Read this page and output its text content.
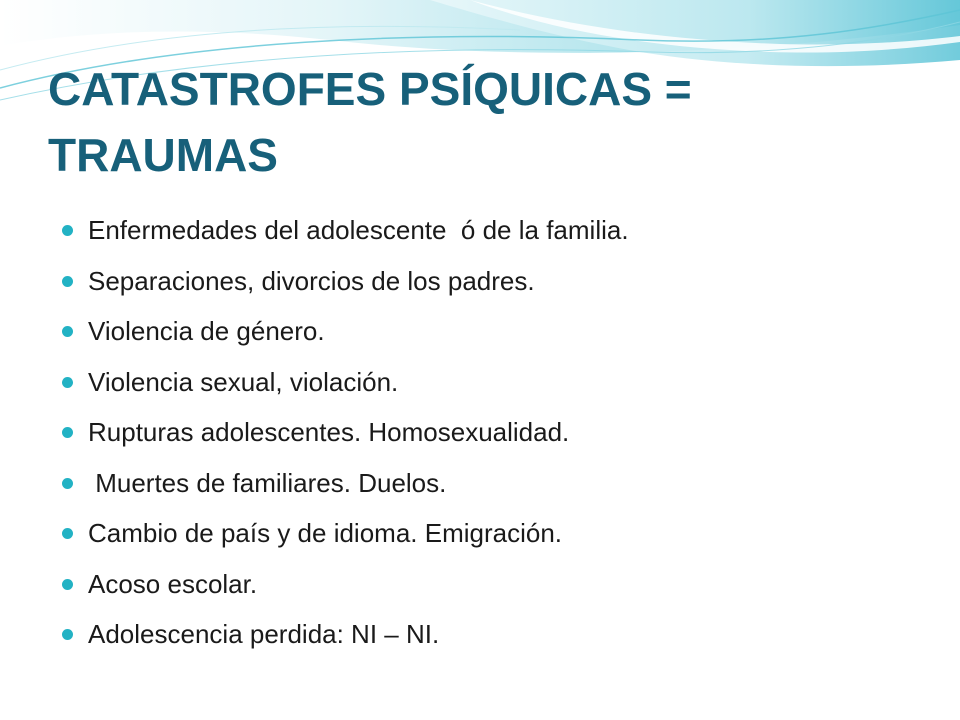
CATASTROFES PSÍQUICAS = TRAUMAS
Enfermedades del adolescente  ó de la familia.
Separaciones, divorcios de los padres.
Violencia de género.
Violencia sexual, violación.
Rupturas adolescentes. Homosexualidad.
Muertes de familiares. Duelos.
Cambio de país y de idioma. Emigración.
Acoso escolar.
Adolescencia perdida: NI – NI.
